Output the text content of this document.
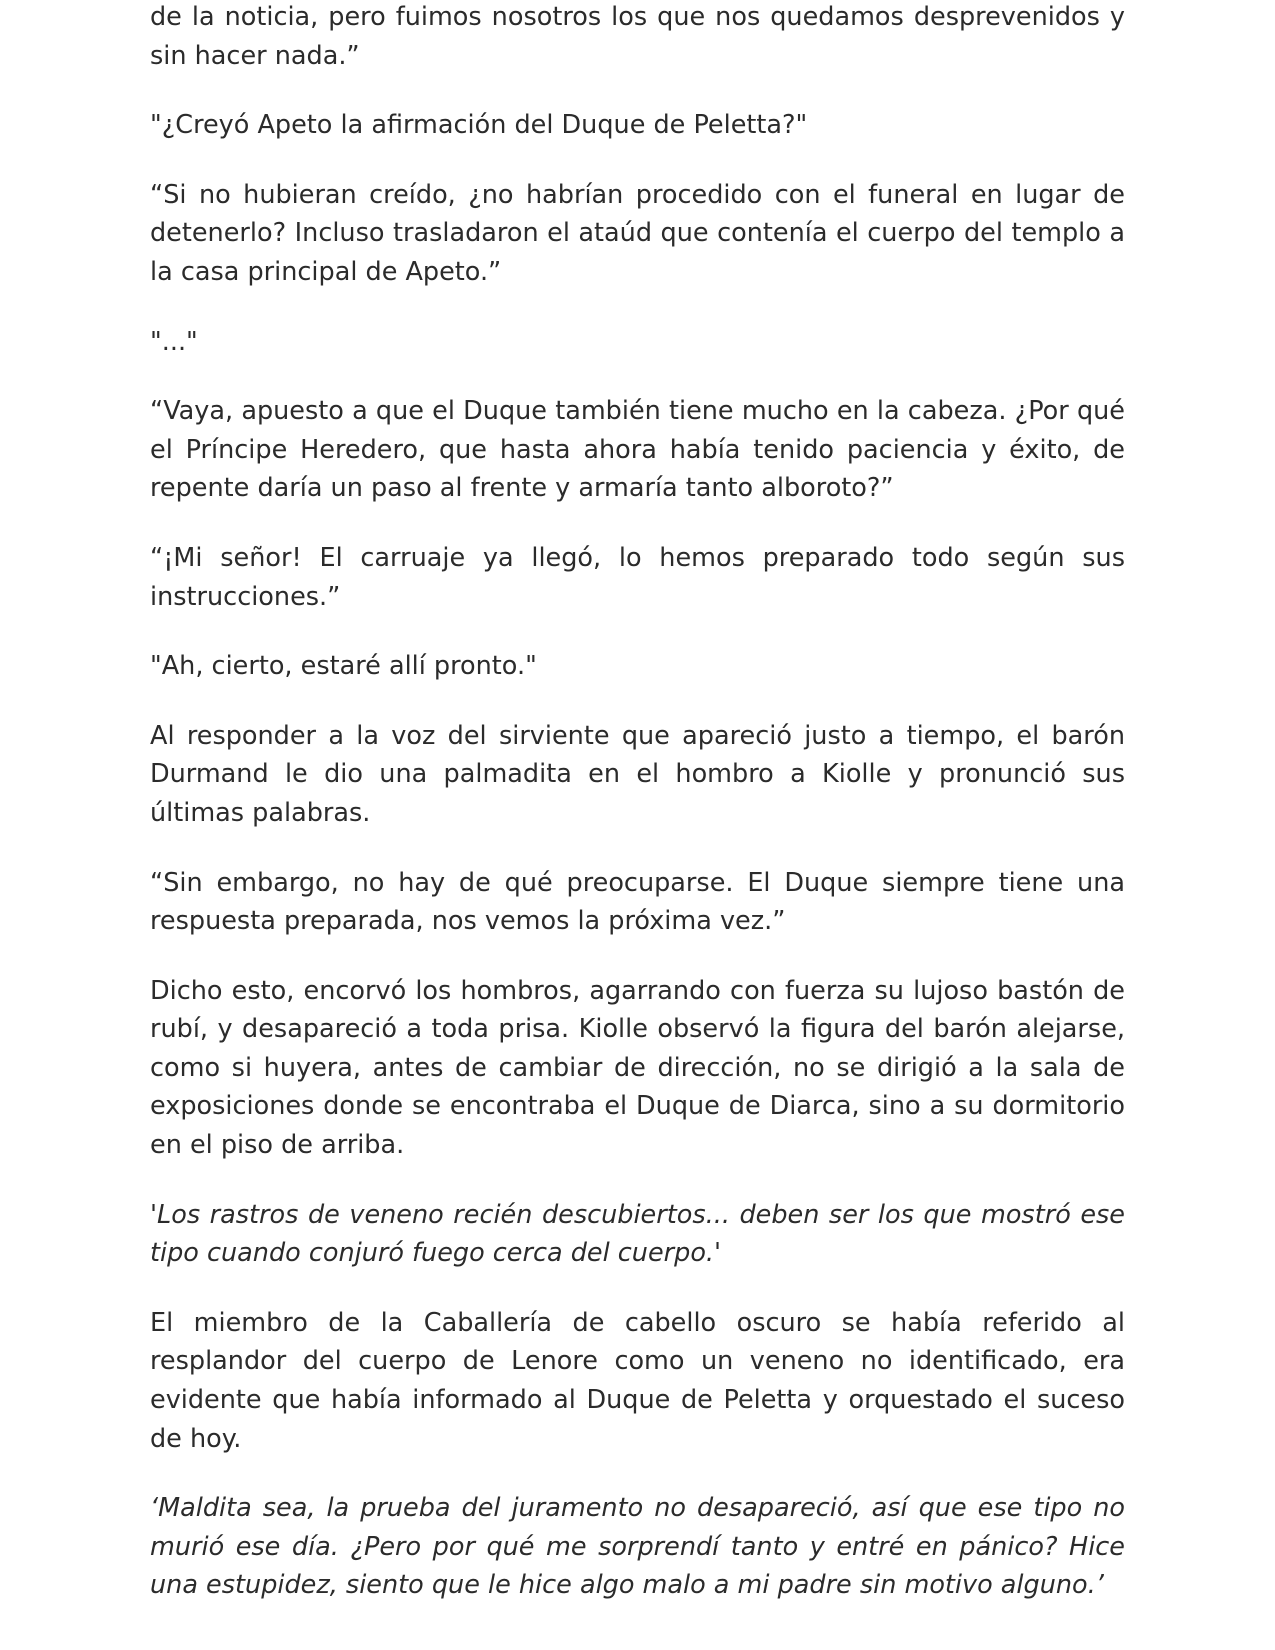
de la noticia, pero fuimos nosotros los que nos quedamos desprevenidos y sin hacer nada.”

"¿Creyó Apeto la afirmación del Duque de Peletta?"

“Si no hubieran creído, ¿no habrían procedido con el funeral en lugar de detenerlo? Incluso trasladaron el ataúd que contenía el cuerpo del templo a la casa principal de Apeto.”

"..."

“Vaya, apuesto a que el Duque también tiene mucho en la cabeza. ¿Por qué el Príncipe Heredero, que hasta ahora había tenido paciencia y éxito, de repente daría un paso al frente y armaría tanto alboroto?”

“¡Mi señor! El carruaje ya llegó, lo hemos preparado todo según sus instrucciones.”

"Ah, cierto, estaré allí pronto."

Al responder a la voz del sirviente que apareció justo a tiempo, el barón Durmand le dio una palmadita en el hombro a Kiolle y pronunció sus últimas palabras.

“Sin embargo, no hay de qué preocuparse. El Duque siempre tiene una respuesta preparada, nos vemos la próxima vez.”

Dicho esto, encorvó los hombros, agarrando con fuerza su lujoso bastón de rubí, y desapareció a toda prisa. Kiolle observó la figura del barón alejarse, como si huyera, antes de cambiar de dirección, no se dirigió a la sala de exposiciones donde se encontraba el Duque de Diarca, sino a su dormitorio en el piso de arriba.

'Los rastros de veneno recién descubiertos... deben ser los que mostró ese tipo cuando conjuró fuego cerca del cuerpo.'

El miembro de la Caballería de cabello oscuro se había referido al resplandor del cuerpo de Lenore como un veneno no identificado, era evidente que había informado al Duque de Peletta y orquestado el suceso de hoy.

‘Maldita sea, la prueba del juramento no desapareció, así que ese tipo no murió ese día. ¿Pero por qué me sorprendí tanto y entré en pánico? Hice una estupidez, siento que le hice algo malo a mi padre sin motivo alguno.’
